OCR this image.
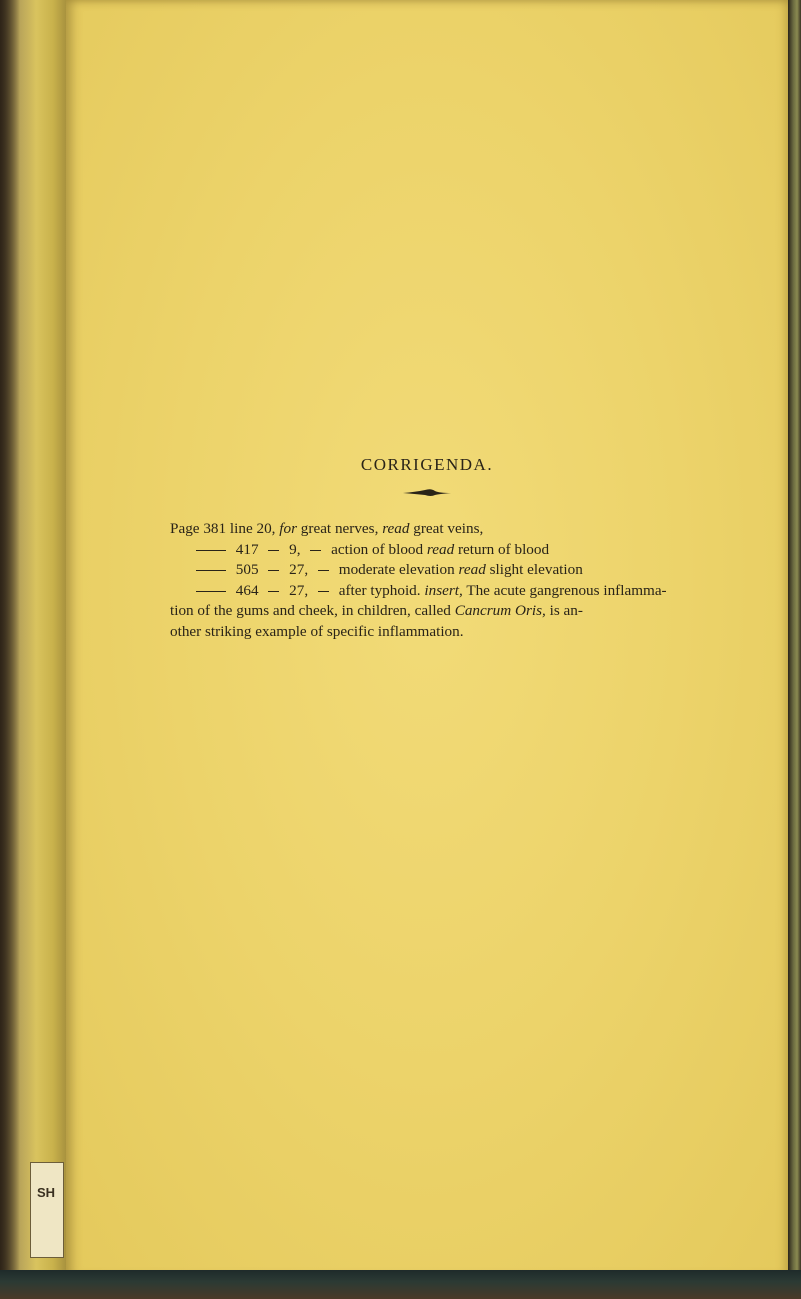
SH
CORRIGENDA.
Page 381 line 20, for great nerves, read great veins,
417 9, action of blood read return of blood
505 27, moderate elevation read slight elevation
464 27, after typhoid. insert, The acute gangrenous inflamma-
tion of the gums and cheek, in children, called Cancrum Oris, is an-
other striking example of specific inflammation.
